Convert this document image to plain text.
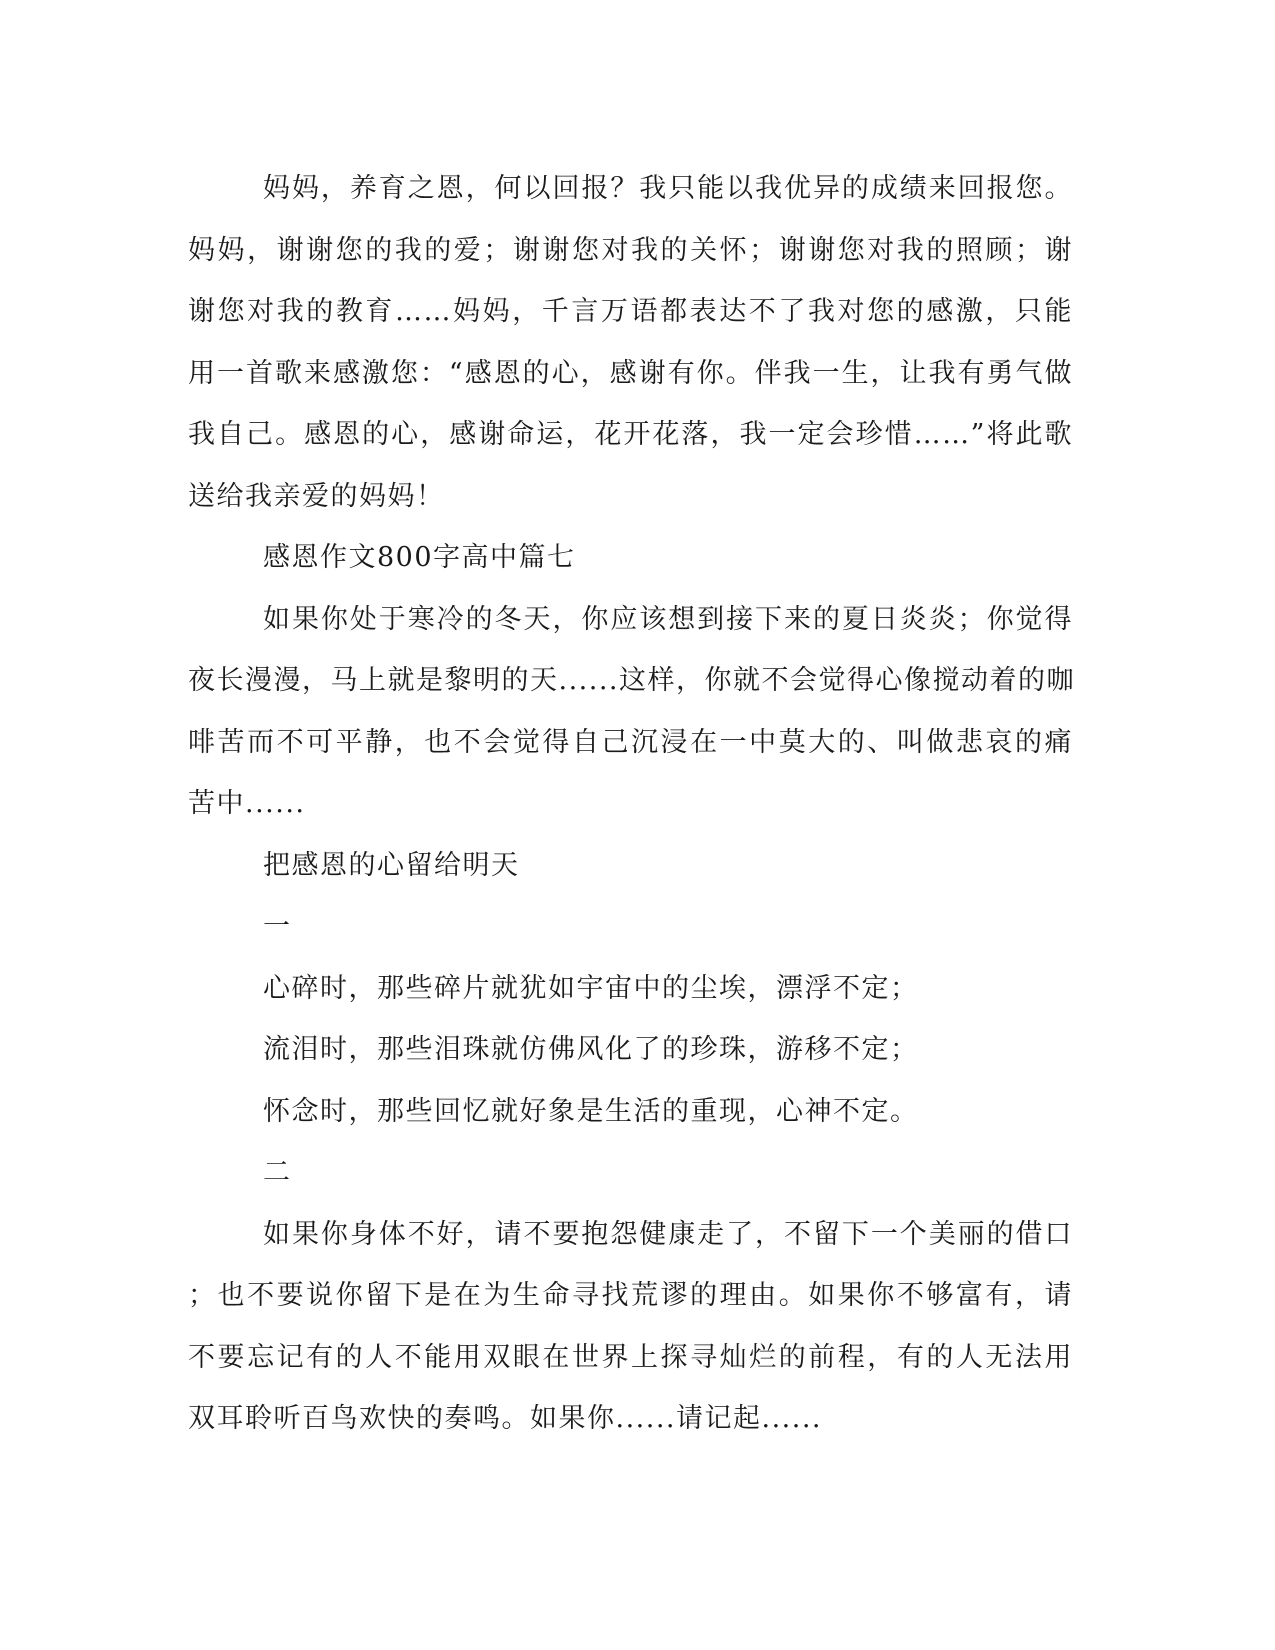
妈妈，养育之恩，何以回报？我只能以我优异的成绩来回报您。
妈妈，谢谢您的我的爱；谢谢您对我的关怀；谢谢您对我的照顾；谢
谢您对我的教育……妈妈，千言万语都表达不了我对您的感激，只能
用一首歌来感激您：“感恩的心，感谢有你。伴我一生，让我有勇气做
我自己。感恩的心，感谢命运，花开花落，我一定会珍惜……”将此歌
送给我亲爱的妈妈！
感恩作文800字高中篇七
如果你处于寒冷的冬天，你应该想到接下来的夏日炎炎；你觉得
夜长漫漫，马上就是黎明的天......这样，你就不会觉得心像搅动着的咖
啡苦而不可平静，也不会觉得自己沉浸在一中莫大的、叫做悲哀的痛
苦中......
把感恩的心留给明天
一
心碎时，那些碎片就犹如宇宙中的尘埃，漂浮不定；
流泪时，那些泪珠就仿佛风化了的珍珠，游移不定；
怀念时，那些回忆就好象是生活的重现，心神不定。
二
如果你身体不好，请不要抱怨健康走了，不留下一个美丽的借口
；也不要说你留下是在为生命寻找荒谬的理由。如果你不够富有，请
不要忘记有的人不能用双眼在世界上探寻灿烂的前程，有的人无法用
双耳聆听百鸟欢快的奏鸣。如果你......请记起......
